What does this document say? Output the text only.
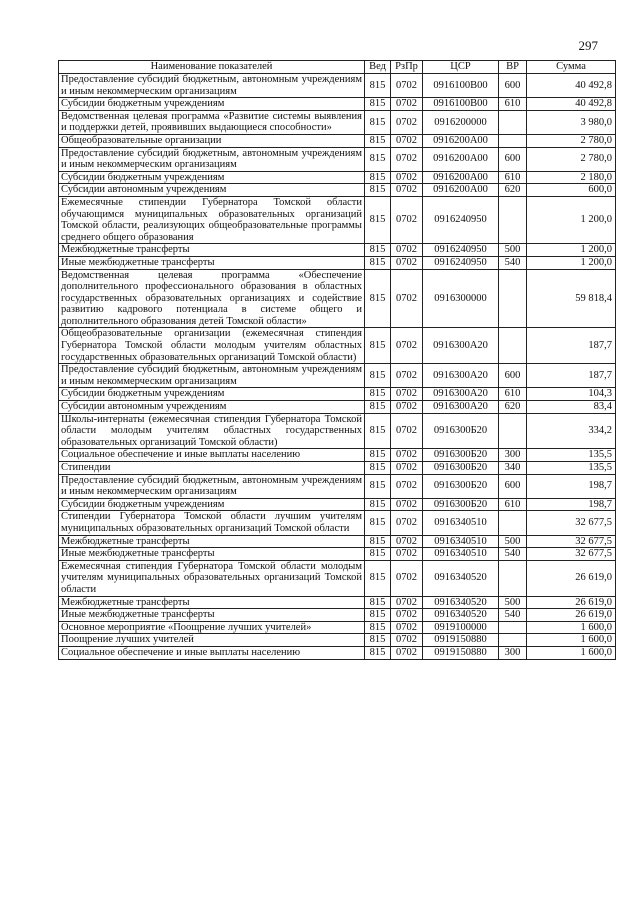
297
Наименование показателей	Вед	РзПр	ЦСР	ВР	Сумма
Предоставление субсидий бюджетным, автономным учреждениям и иным некоммерческим организациям	815	0702	0916100B00	600	40 492,8
Субсидии бюджетным учреждениям	815	0702	0916100B00	610	40 492,8
Ведомственная целевая программа «Развитие системы выявления и поддержки детей, проявивших выдающиеся способности»	815	0702	0916200000		3 980,0
Общеобразовательные организации	815	0702	0916200A00		2 780,0
Предоставление субсидий бюджетным, автономным учреждениям и иным некоммерческим организациям	815	0702	0916200A00	600	2 780,0
Субсидии бюджетным учреждениям	815	0702	0916200A00	610	2 180,0
Субсидии автономным учреждениям	815	0702	0916200A00	620	600,0
Ежемесячные стипендии Губернатора Томской области обучающимся муниципальных образовательных организаций Томской области, реализующих общеобразовательные программы среднего общего образования	815	0702	0916240950		1 200,0
Межбюджетные трансферты	815	0702	0916240950	500	1 200,0
Иные межбюджетные трансферты	815	0702	0916240950	540	1 200,0
Ведомственная целевая программа «Обеспечение дополнительного профессионального образования в областных государственных образовательных организациях и содействие развитию кадрового потенциала в системе общего и дополнительного образования детей Томской области»	815	0702	0916300000		59 818,4
Общеобразовательные организации (ежемесячная стипендия Губернатора Томской области молодым учителям областных государственных образовательных организаций Томской области)	815	0702	0916300A20		187,7
Предоставление субсидий бюджетным, автономным учреждениям и иным некоммерческим организациям	815	0702	0916300A20	600	187,7
Субсидии бюджетным учреждениям	815	0702	0916300A20	610	104,3
Субсидии автономным учреждениям	815	0702	0916300A20	620	83,4
Школы-интернаты (ежемесячная стипендия Губернатора Томской области молодым учителям областных государственных образовательных организаций Томской области)	815	0702	0916300Б20		334,2
Социальное обеспечение и иные выплаты населению	815	0702	0916300Б20	300	135,5
Стипендии	815	0702	0916300Б20	340	135,5
Предоставление субсидий бюджетным, автономным учреждениям и иным некоммерческим организациям	815	0702	0916300Б20	600	198,7
Субсидии бюджетным учреждениям	815	0702	0916300Б20	610	198,7
Стипендии Губернатора Томской области лучшим учителям муниципальных образовательных организаций Томской области	815	0702	0916340510		32 677,5
Межбюджетные трансферты	815	0702	0916340510	500	32 677,5
Иные межбюджетные трансферты	815	0702	0916340510	540	32 677,5
Ежемесячная стипендия Губернатора Томской области молодым учителям муниципальных образовательных организаций Томской области	815	0702	0916340520		26 619,0
Межбюджетные трансферты	815	0702	0916340520	500	26 619,0
Иные межбюджетные трансферты	815	0702	0916340520	540	26 619,0
Основное мероприятие «Поощрение лучших учителей»	815	0702	0919100000		1 600,0
Поощрение лучших учителей	815	0702	0919150880		1 600,0
Социальное обеспечение и иные выплаты населению	815	0702	0919150880	300	1 600,0
